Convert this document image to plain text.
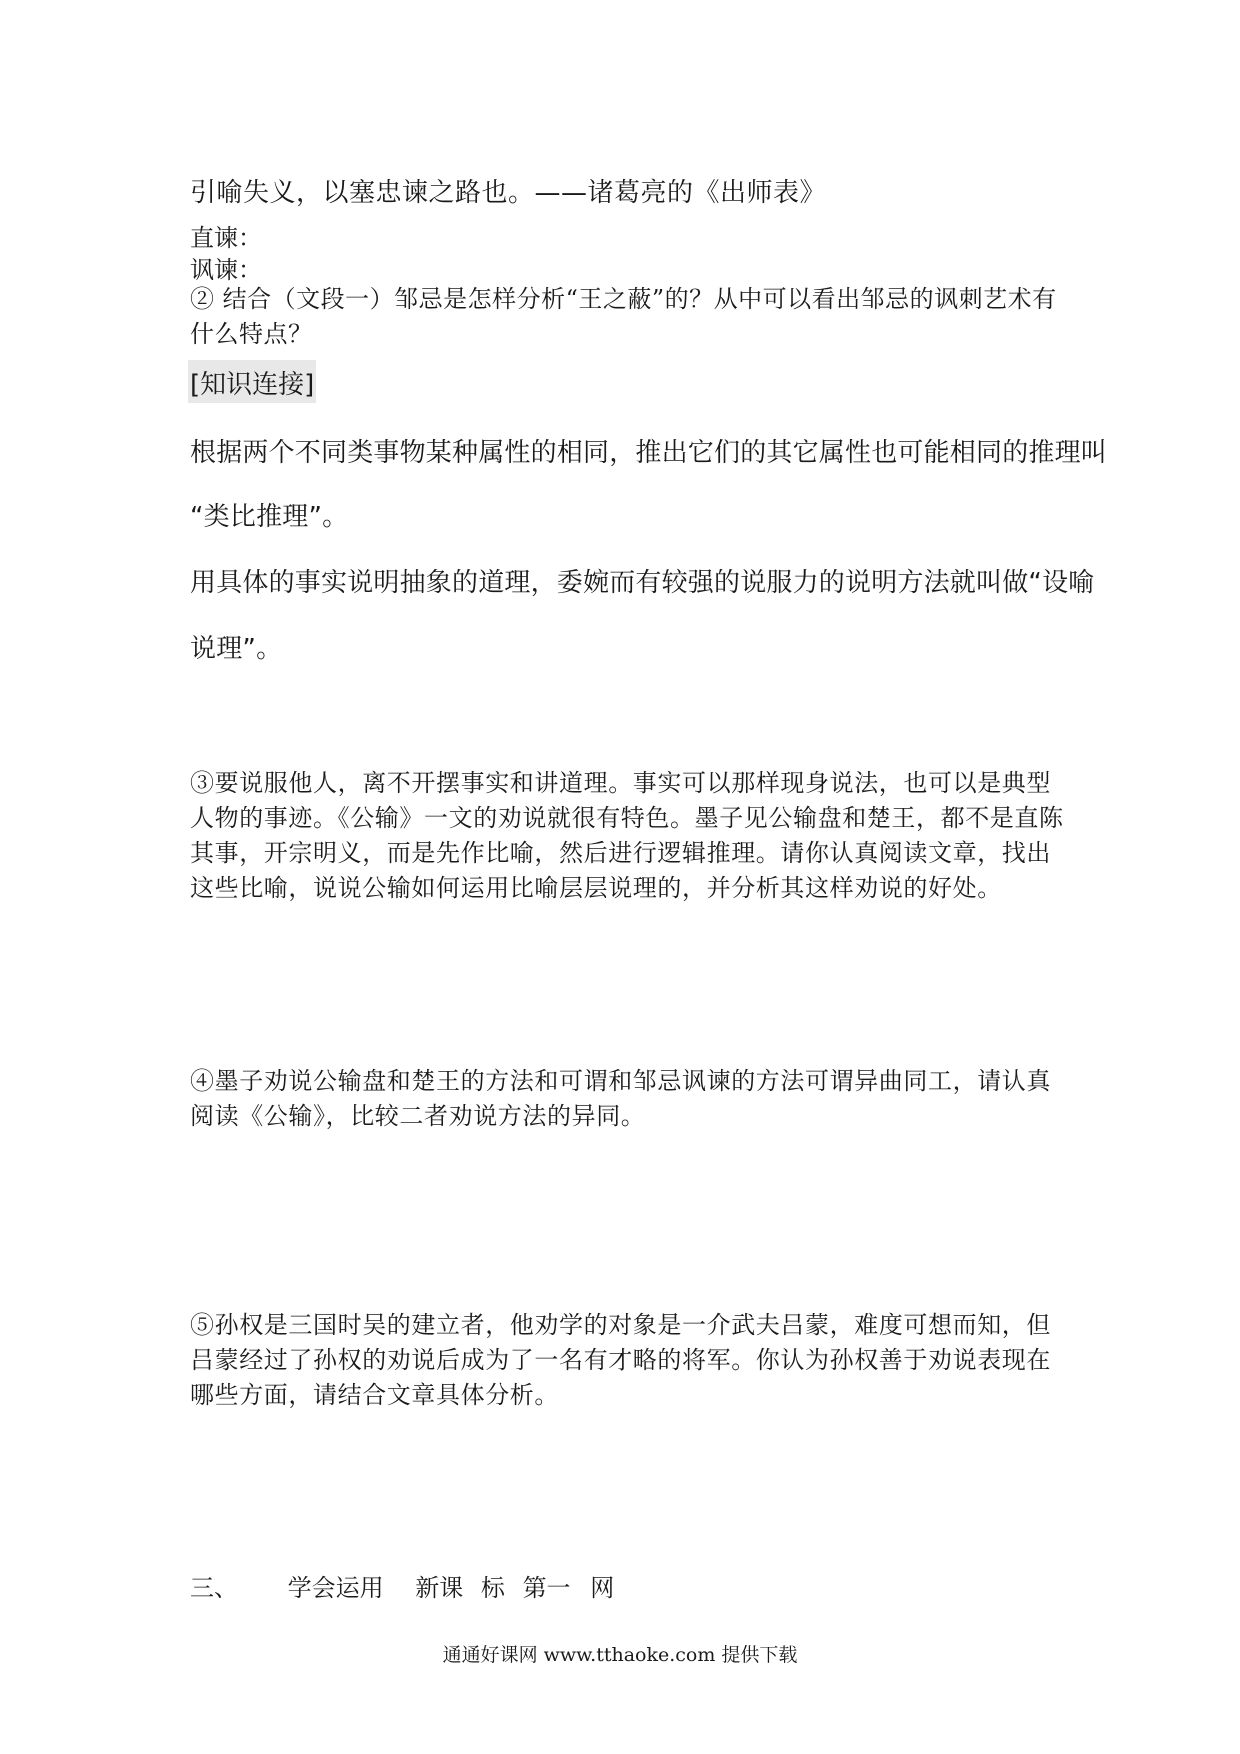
引喻失义，以塞忠谏之路也。——诸葛亮的《出师表》
直谏：
讽谏：
② 结合（文段一）邹忌是怎样分析“王之蔽”的？从中可以看出邹忌的讽刺艺术有什么特点？
[知识连接]
根据两个不同类事物某种属性的相同，推出它们的其它属性也可能相同的推理叫
“类比推理”。
用具体的事实说明抽象的道理，委婉而有较强的说服力的说明方法就叫做“设喻
说理”。
③要说服他人，离不开摆事实和讲道理。事实可以那样现身说法，也可以是典型人物的事迹。《公输》一文的劝说就很有特色。墨子见公输盘和楚王，都不是直陈其事，开宗明义，而是先作比喻，然后进行逻辑推理。请你认真阅读文章，找出这些比喻，说说公输如何运用比喻层层说理的，并分析其这样劝说的好处。
④墨子劝说公输盘和楚王的方法和可谓和邹忌讽谏的方法可谓异曲同工，请认真阅读《公输》，比较二者劝说方法的异同。
⑤孙权是三国时吴的建立者，他劝学的对象是一介武夫吕蒙，难度可想而知，但吕蒙经过了孙权的劝说后成为了一名有才略的将军。你认为孙权善于劝说表现在哪些方面，请结合文章具体分析。
三、 学会运用 新课 标 第一 网
通通好课网 www.tthaoke.com 提供下载
